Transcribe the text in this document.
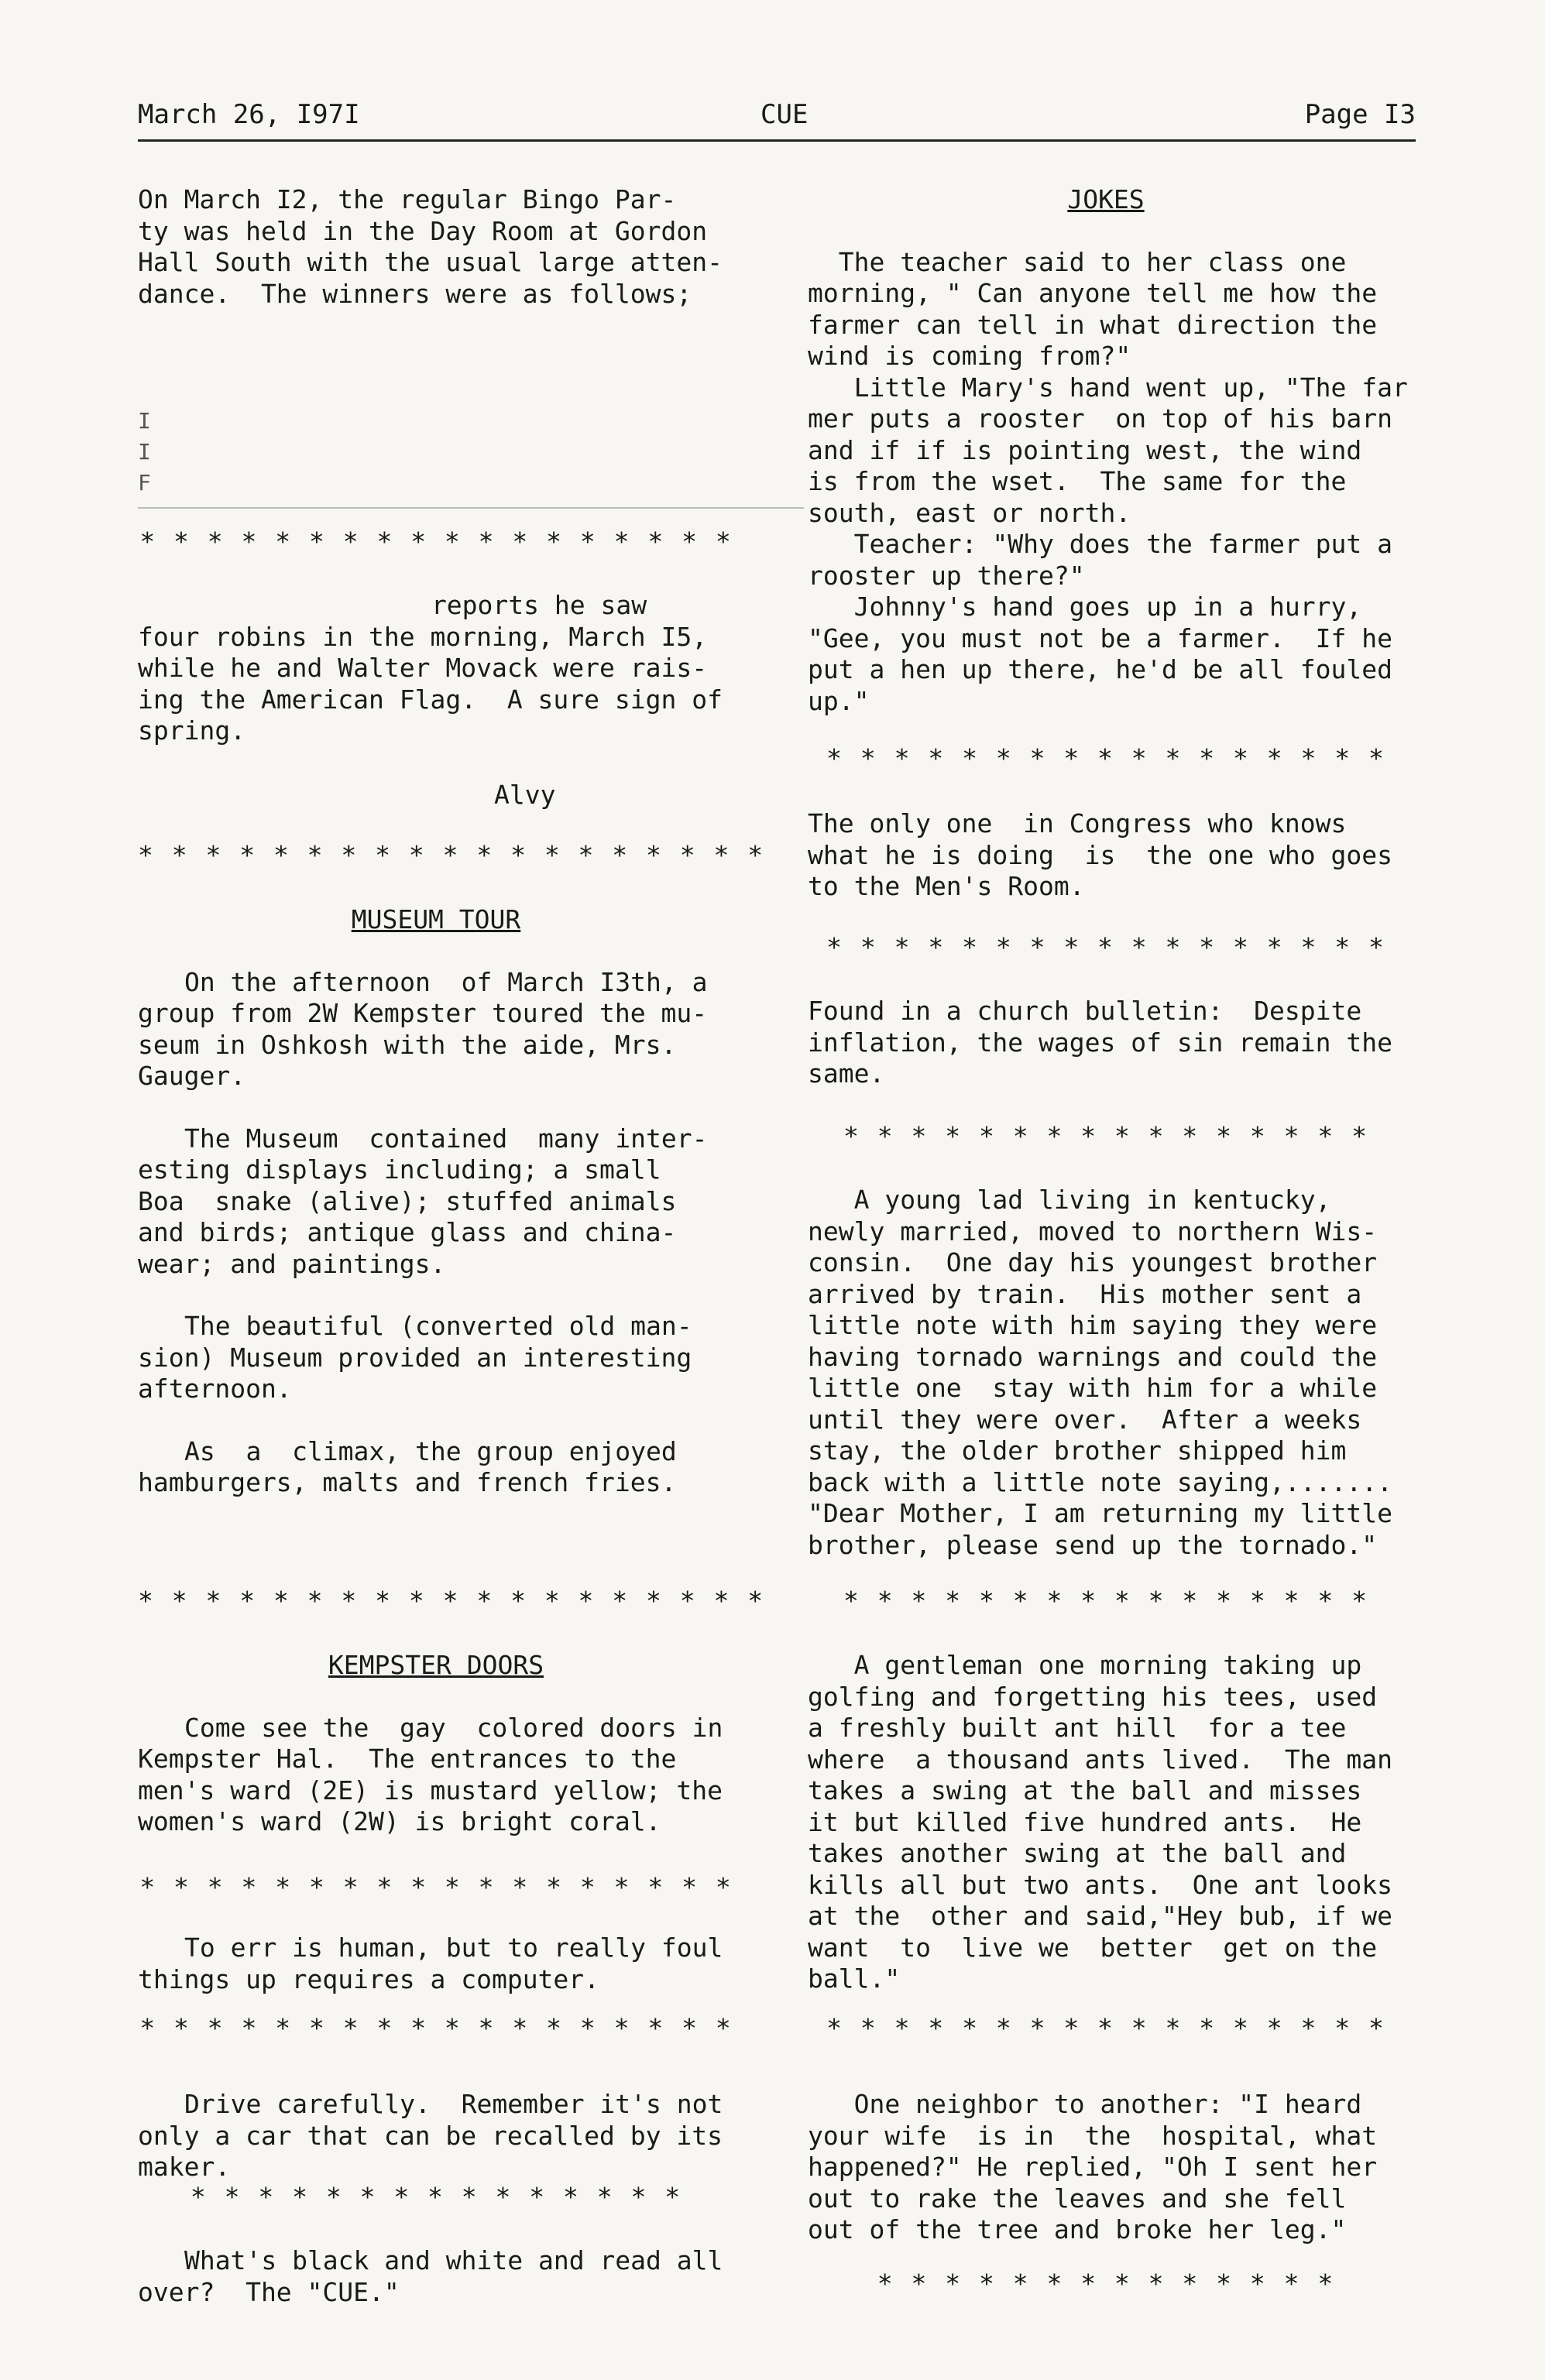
March 26, I97I	CUE	Page I3
On March I2, the regular Bingo Par-
ty was held in the Day Room at Gordon
Hall South with the usual large atten-
dance.  The winners were as follows;
I
I
F
* * * * * * * * * * * * * * * * * *
reports he saw
four robins in the morning, March I5,
while he and Walter Movack were rais-
ing the American Flag.  A sure sign of
spring.
Alvy
* * * * * * * * * * * * * * * * * * *
MUSEUM TOUR
On the afternoon  of March I3th, a
group from 2W Kempster toured the mu-
seum in Oshkosh with the aide, Mrs.
Gauger.
The Museum  contained  many inter-
esting displays including; a small
Boa  snake (alive); stuffed animals
and birds; antique glass and china-
wear; and paintings.
The beautiful (converted old man-
sion) Museum provided an interesting
afternoon.
As  a  climax, the group enjoyed
hamburgers, malts and french fries.
* * * * * * * * * * * * * * * * * * *
KEMPSTER DOORS
Come see the  gay  colored doors in
Kempster Hal.  The entrances to the
men's ward (2E) is mustard yellow; the
women's ward (2W) is bright coral.
* * * * * * * * * * * * * * * * * *
To err is human, but to really foul
things up requires a computer.
* * * * * * * * * * * * * * * * * *
Drive carefully.  Remember it's not
only a car that can be recalled by its
maker.
* * * * * * * * * * * * * * *
What's black and white and read all
over?  The "CUE."
JOKES
The teacher said to her class one
morning, " Can anyone tell me how the
farmer can tell in what direction the
wind is coming from?"
Little Mary's hand went up, "The far
mer puts a rooster  on top of his barn
and if if is pointing west, the wind
is from the wset.  The same for the
south, east or north.
Teacher: "Why does the farmer put a
rooster up there?"
Johnny's hand goes up in a hurry,
"Gee, you must not be a farmer.  If he
put a hen up there, he'd be all fouled
up."
* * * * * * * * * * * * * * * * *
The only one  in Congress who knows
what he is doing  is  the one who goes
to the Men's Room.
* * * * * * * * * * * * * * * * *
Found in a church bulletin:  Despite
inflation, the wages of sin remain the
same.
* * * * * * * * * * * * * * * *
A young lad living in kentucky,
newly married, moved to northern Wis-
consin.  One day his youngest brother
arrived by train.  His mother sent a
little note with him saying they were
having tornado warnings and could the
little one  stay with him for a while
until they were over.  After a weeks
stay, the older brother shipped him
back with a little note saying,.......
"Dear Mother, I am returning my little
brother, please send up the tornado."
* * * * * * * * * * * * * * * *
A gentleman one morning taking up
golfing and forgetting his tees, used
a freshly built ant hill  for a tee
where  a thousand ants lived.  The man
takes a swing at the ball and misses
it but killed five hundred ants.  He
takes another swing at the ball and
kills all but two ants.  One ant looks
at the  other and said,"Hey bub, if we
want  to  live we  better  get on the
ball."
* * * * * * * * * * * * * * * * *
One neighbor to another: "I heard
your wife  is in  the  hospital, what
happened?" He replied, "Oh I sent her
out to rake the leaves and she fell
out of the tree and broke her leg."
* * * * * * * * * * * * * *
